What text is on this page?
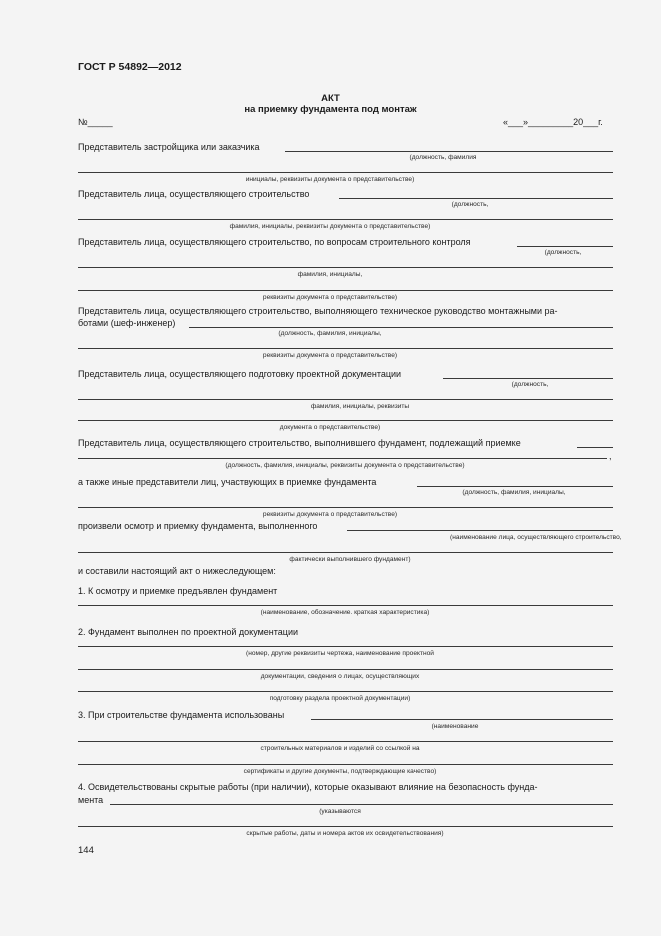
ГОСТ Р 54892—2012
АКТ
на приемку фундамента под монтаж
№_____	«___»_________20___г.
Представитель застройщика или заказчика
(должность, фамилия
инициалы, реквизиты документа о представительстве)
Представитель лица, осуществляющего строительство
(должность,
фамилия, инициалы, реквизиты документа о представительстве)
Представитель лица, осуществляющего строительство, по вопросам строительного контроля
(должность,
фамилия, инициалы,
реквизиты документа о представительстве)
Представитель лица, осуществляющего строительство, выполняющего техническое руководство монтажными ра-
ботами (шеф-инженер)
(должность, фамилия, инициалы,
реквизиты документа о представительстве)
Представитель лица, осуществляющего подготовку проектной документации
(должность,
фамилия, инициалы, реквизиты
документа о представительстве)
Представитель лица, осуществляющего строительство, выполнившего фундамент, подлежащий приемке
,
(должность, фамилия, инициалы, реквизиты документа о представительстве)
а также иные представители лиц, участвующих в приемке фундамента
(должность, фамилия, инициалы,
реквизиты документа о представительстве)
произвели осмотр и приемку фундамента, выполненного
(наименование лица, осуществляющего строительство,
фактически выполнившего фундамент)
и составили настоящий акт о нижеследующем:
1. К осмотру и приемке предъявлен фундамент
(наименование, обозначение. краткая характеристика)
2. Фундамент выполнен по проектной документации
(номер, другие реквизиты чертежа, наименование проектной
документации, сведения о лицах, осуществляющих
подготовку раздела проектной документации)
3. При строительстве фундамента использованы
(наименование
строительных материалов и изделий со ссылкой на
сертификаты и другие документы, подтверждающие качество)
4. Освидетельствованы скрытые работы (при наличии), которые оказывают влияние на безопасность фунда-
мента
(указываются
скрытые работы, даты и номера актов их освидетельствования)
144
